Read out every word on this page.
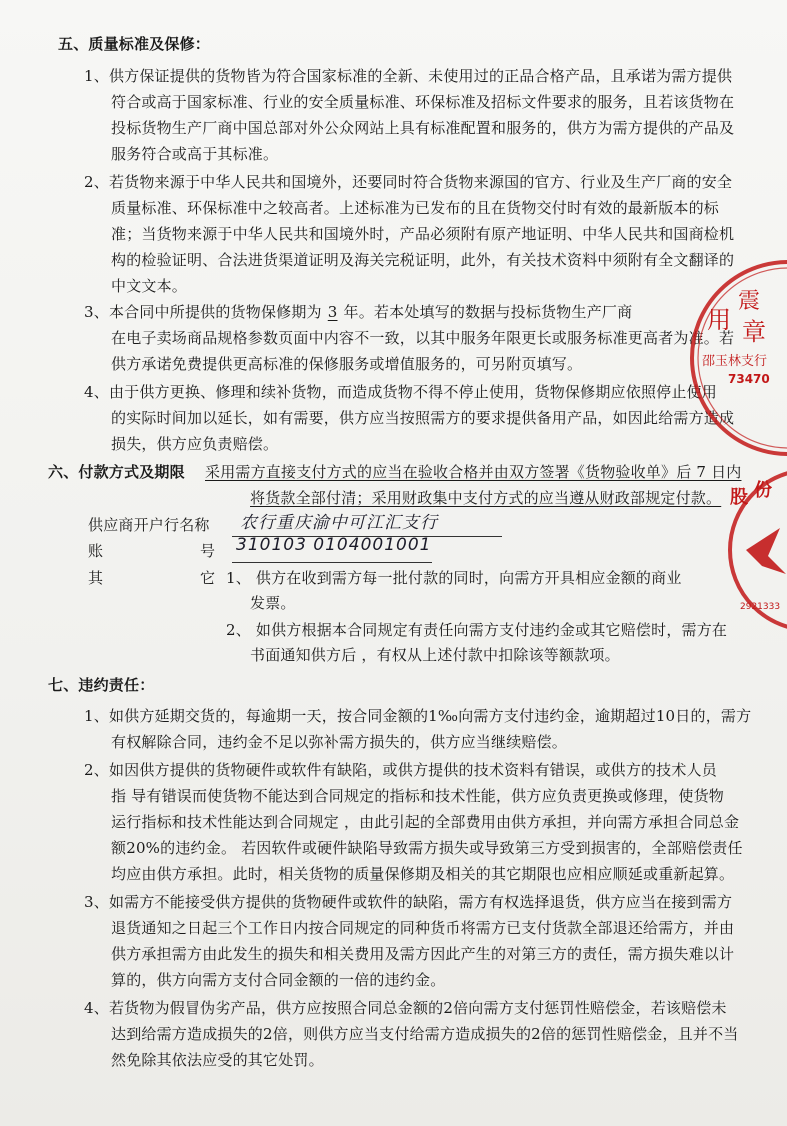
五、质量标准及保修：
1、供方保证提供的货物皆为符合国家标准的全新、未使用过的正品合格产品，且承诺为需方提供
符合或高于国家标准、行业的安全质量标准、环保标准及招标文件要求的服务，且若该货物在
投标货物生产厂商中国总部对外公众网站上具有标准配置和服务的，供方为需方提供的产品及
服务符合或高于其标准。
2、若货物来源于中华人民共和国境外，还要同时符合货物来源国的官方、行业及生产厂商的安全
质量标准、环保标准中之较高者。上述标准为已发布的且在货物交付时有效的最新版本的标
准；当货物来源于中华人民共和国境外时，产品必须附有原产地证明、中华人民共和国商检机
构的检验证明、合法进货渠道证明及海关完税证明，此外，有关技术资料中须附有全文翻译的
中文文本。
3、本合同中所提供的货物保修期为 3 年。若本处填写的数据与投标货物生产厂商
在电子卖场商品规格参数页面中内容不一致，以其中服务年限更长或服务标准更高者为准。若
供方承诺免费提供更高标准的保修服务或增值服务的，可另附页填写。
4、由于供方更换、修理和续补货物，而造成货物不得不停止使用，货物保修期应依照停止使用
的实际时间加以延长，如有需要，供方应当按照需方的要求提供备用产品，如因此给需方造成
损失，供方应负责赔偿。
六、付款方式及期限 采用需方直接支付方式的应当在验收合格并由双方签署《货物验收单》后 7 日内
将货款全部付清；采用财政集中支付方式的应当遵从财政部规定付款。
供应商开户行名称 农行重庆渝中可江汇支行
账	号 310103 0104001001
其	它 1、 供方在收到需方每一批付款的同时，向需方开具相应金额的商业
发票。
2、 如供方根据本合同规定有责任向需方支付违约金或其它赔偿时，需方在
书面通知供方后 ，有权从上述付款中扣除该等额款项。
七、违约责任：
1、如供方延期交货的，每逾期一天，按合同金额的1‰向需方支付违约金，逾期超过10日的，需方
有权解除合同，违约金不足以弥补需方损失的，供方应当继续赔偿。
2、如因供方提供的货物硬件或软件有缺陷，或供方提供的技术资料有错误，或供方的技术人员
指 导有错误而使货物不能达到合同规定的指标和技术性能，供方应负责更换或修理，使货物
运行指标和技术性能达到合同规定 ，由此引起的全部费用由供方承担，并向需方承担合同总金
额20%的违约金。 若因软件或硬件缺陷导致需方损失或导致第三方受到损害的，全部赔偿责任
均应由供方承担。此时，相关货物的质量保修期及相关的其它期限也应相应顺延或重新起算。
3、如需方不能接受供方提供的货物硬件或软件的缺陷，需方有权选择退货，供方应当在接到需方
退货通知之日起三个工作日内按合同规定的同种货币将需方已支付货款全部退还给需方，并由
供方承担需方由此发生的损失和相关费用及需方因此产生的对第三方的责任，需方损失难以计
算的，供方向需方支付合同金额的一倍的违约金。
4、若货物为假冒伪劣产品，供方应按照合同总金额的2倍向需方支付惩罚性赔偿金，若该赔偿未
达到给需方造成损失的2倍，则供方应当支付给需方造成损失的2倍的惩罚性赔偿金，且并不当
然免除其依法应受的其它处罚。
震
用 章
邵玉林支行
73470
股 份
2921333
